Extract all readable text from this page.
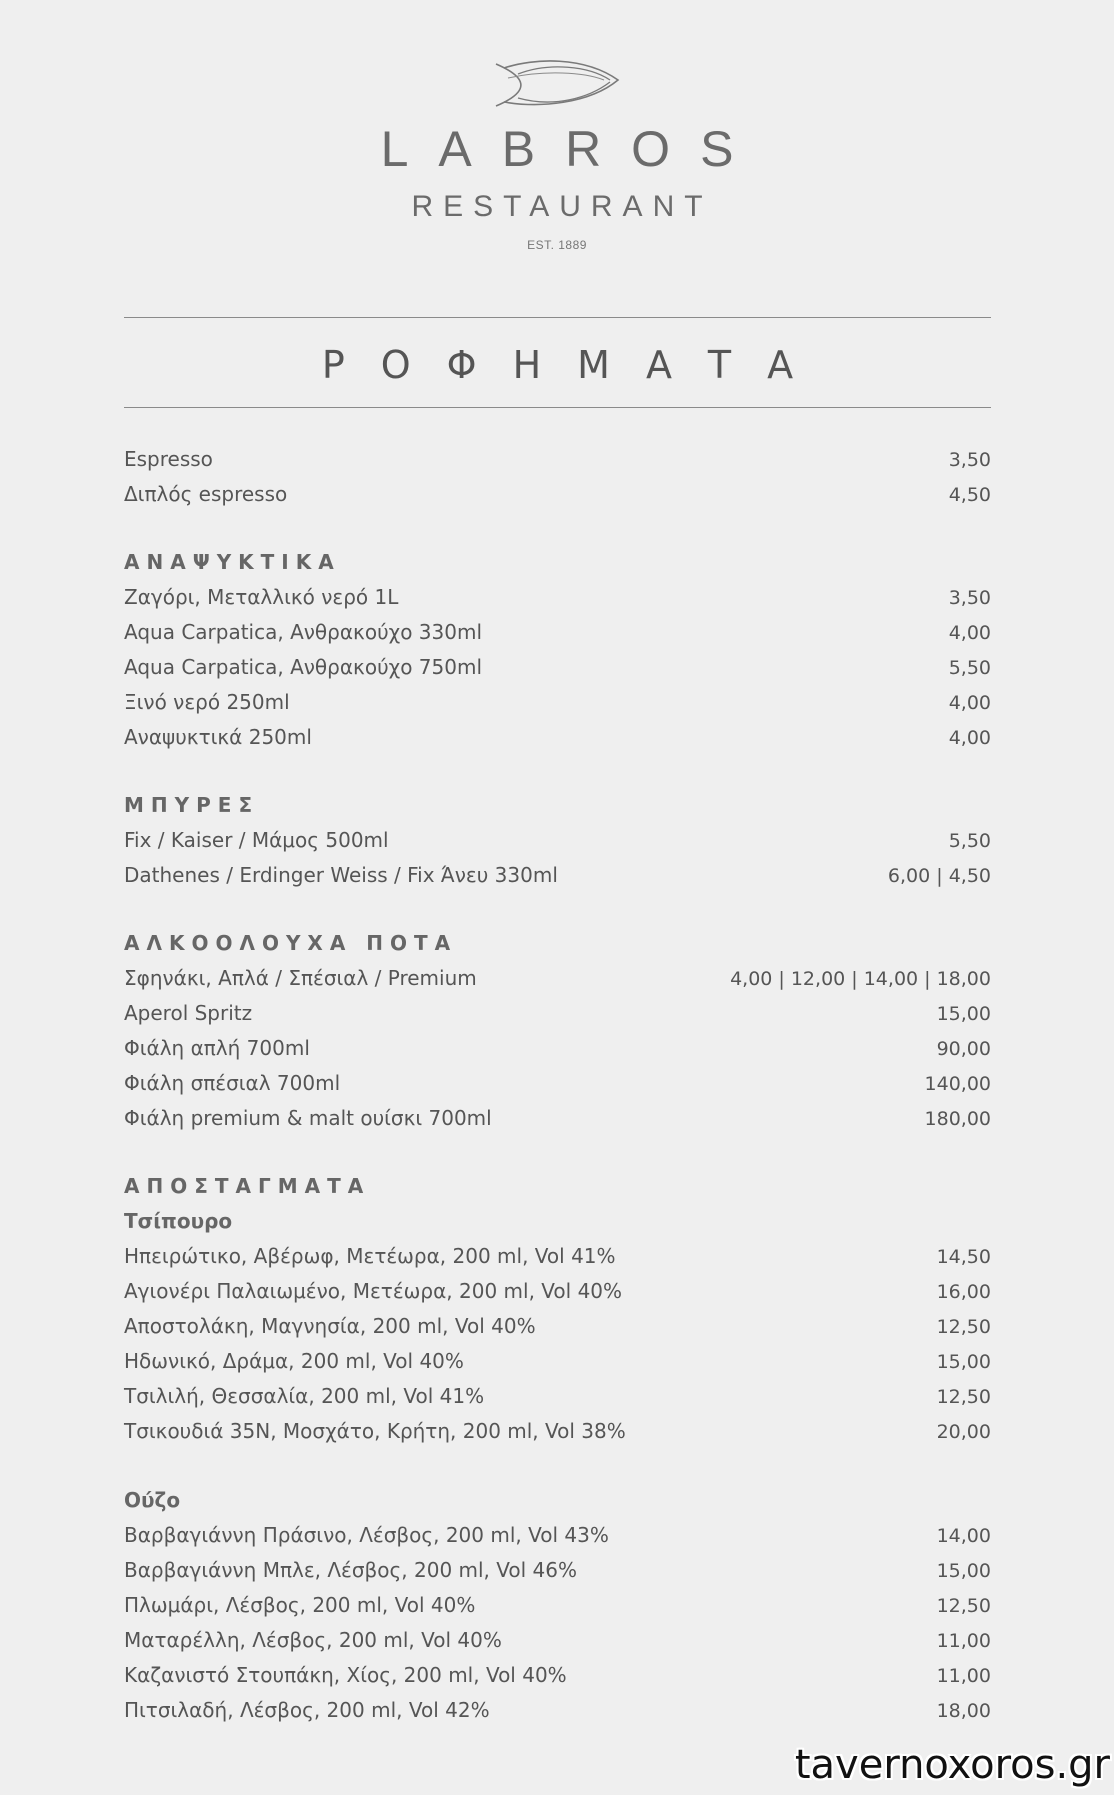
LABROS
RESTAURANT
EST. 1889
ΡΟΦΗΜΑΤΑ
Espresso	3,50
Διπλός espresso	4,50
ΑΝΑΨΥΚΤΙΚΑ
Ζαγόρι, Μεταλλικό νερό 1L	3,50
Aqua Carpatica, Ανθρακούχο 330ml	4,00
Aqua Carpatica, Ανθρακούχο 750ml	5,50
Ξινό νερό 250ml	4,00
Αναψυκτικά 250ml	4,00
ΜΠΥΡΕΣ
Fix / Kaiser / Μάμος 500ml	5,50
Dathenes / Erdinger Weiss / Fix Άνευ 330ml	6,00 | 4,50
ΑΛΚΟΟΛΟΥΧΑ ΠΟΤΑ
Σφηνάκι, Απλά / Σπέσιαλ / Premium	4,00 | 12,00 | 14,00 | 18,00
Aperol Spritz	15,00
Φιάλη απλή 700ml	90,00
Φιάλη σπέσιαλ 700ml	140,00
Φιάλη premium & malt ουίσκι 700ml	180,00
ΑΠΟΣΤΑΓΜΑΤΑ
Τσίπουρο
Ηπειρώτικο, Αβέρωφ, Μετέωρα, 200 ml, Vol 41%	14,50
Αγιονέρι Παλαιωμένο, Μετέωρα, 200 ml, Vol 40%	16,00
Αποστολάκη, Μαγνησία, 200 ml, Vol 40%	12,50
Ηδωνικό, Δράμα, 200 ml, Vol 40%	15,00
Τσιλιλή, Θεσσαλία, 200 ml, Vol 41%	12,50
Τσικουδιά 35N, Μοσχάτο, Κρήτη, 200 ml, Vol 38%	20,00
Ούζο
Βαρβαγιάννη Πράσινο, Λέσβος, 200 ml, Vol 43%	14,00
Βαρβαγιάννη Μπλε, Λέσβος, 200 ml, Vol 46%	15,00
Πλωμάρι, Λέσβος, 200 ml, Vol 40%	12,50
Ματαρέλλη, Λέσβος, 200 ml, Vol 40%	11,00
Καζανιστό Στουπάκη, Χίος, 200 ml, Vol 40%	11,00
Πιτσιλαδή, Λέσβος, 200 ml, Vol 42%	18,00
tavernoxoros.gr
